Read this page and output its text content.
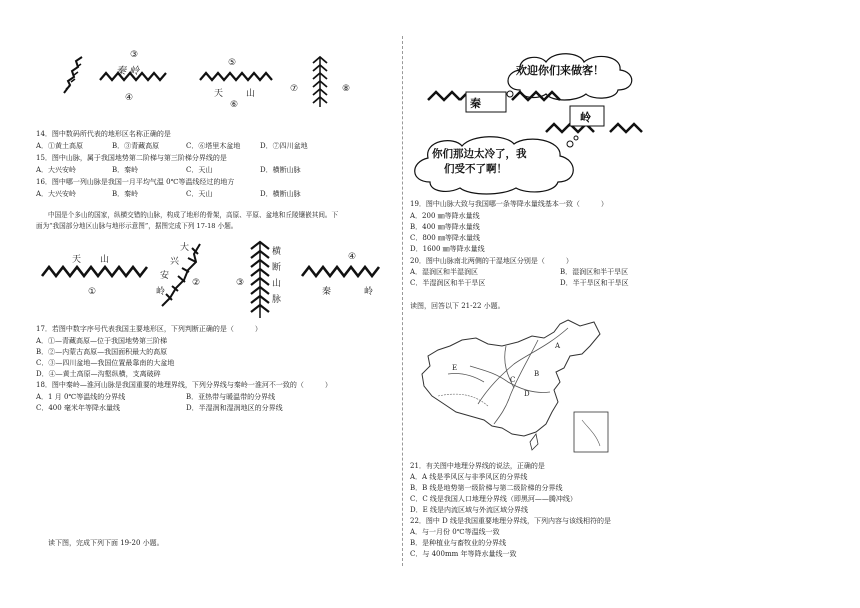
③
秦 岭
④
⑤
天	山
⑥
⑦	⑧
14．图中数码所代表的地形区名称正确的是
A．①黄土高原	B．③青藏高原	C．⑥塔里木盆地	D．⑦四川盆地
15．图中山脉，属于我国地势第二阶梯与第三阶梯分界线的是
A．大兴安岭	B．秦岭	C．天山	D．横断山脉
16．图中哪一列山脉是我国一月平均气温 0℃等温线经过的地方
A．大兴安岭	B．秦岭	C．天山	D．横断山脉
中国是个多山的国家，纵横交错的山脉，构成了地形的骨架，高原、平原、盆地和丘陵镶嵌其间。下
面为“我国部分地区山脉与地形示意图”，据图完成下列 17-18 小题。
天 山
①
大
兴
安
岭
②	③
横
断
山
脉
④
秦	岭
17．若图中数字序号代表我国主要地形区，下列判断正确的是（　　　）
A．①—青藏高原—位于我国地势第三阶梯
B．②—内蒙古高原—我国面积最大的高原
C．③—四川盆地—我国位置最靠南的大盆地
D．④—黄土高原—沟壑纵横，支离破碎
18．图中秦岭—淮河山脉是我国重要的地理界线，下列分界线与秦岭一淮河不一致的（　　　）
A．1 月 0℃等温线的分界线	B．亚热带与暖温带的分界线
C．400 毫米年等降水量线	D．半湿润和湿润地区的分界线
读下图，完成下列下面 19-20 小题。
欢迎你们来做客！
秦
岭
你们那边太冷了，我
们受不了啊！
19．图中山脉大致与我国哪一条等降水量线基本一致（　　　）
A．200 ㎜等降水量线
B．400 ㎜等降水量线
C．800 ㎜等降水量线
D．1600 ㎜等降水量线
20．图中山脉南北两侧的干湿地区分别是（　　　）
A．湿润区和半湿润区	B．湿润区和半干旱区
C．半湿润区和半干旱区	D．半干旱区和干旱区
读图，回答以下 21-22 小题。
A
B
C
D
E
21．有关图中地理分界线的说法，正确的是
A．A 线是季风区与非季风区的分界线
B．B 线是地势第一级阶梯与第二级阶梯的分界线
C．C 线是我国人口地理分界线（即黑河——腾冲线）
D．E 线是内流区域与外流区域分界线
22．图中 D 线是我国重要地理分界线，下列内容与该线相符的是
A．与一月份 0℃等温线一致
B．是种植业与畜牧业的分界线
C．与 400mm 年等降水量线一致
